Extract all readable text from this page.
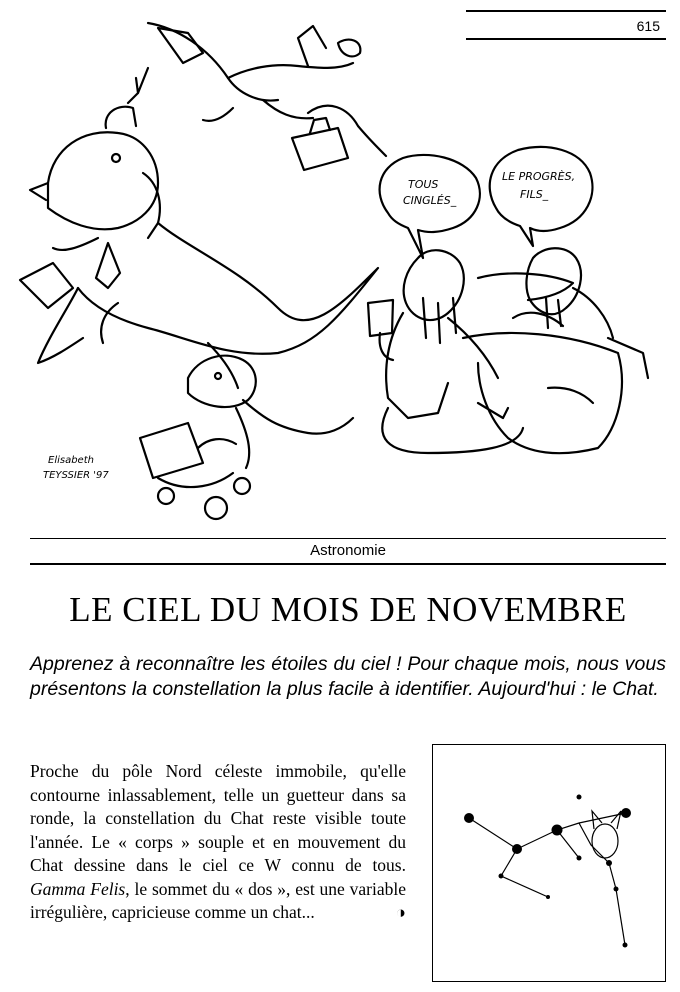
615
TOUS
CINGLÉS_
LE PROGRÈS,
FILS_
Elisabeth
TEYSSIER '97
Astronomie
LE CIEL DU MOIS DE NOVEMBRE

Apprenez à reconnaître les étoiles du ciel ! Pour chaque mois, nous vous présentons la constellation la plus facile à identifier. Aujourd'hui : le Chat.

Proche du pôle Nord céleste immobile, qu'elle contourne inlassablement, telle un guetteur dans sa ronde, la constellation du Chat reste visible toute l'année. Le « corps » souple et en mouvement du Chat dessine dans le ciel ce W connu de tous. Gamma Felis, le sommet du « dos », est une variable irrégulière, capricieuse comme un chat...	◑
